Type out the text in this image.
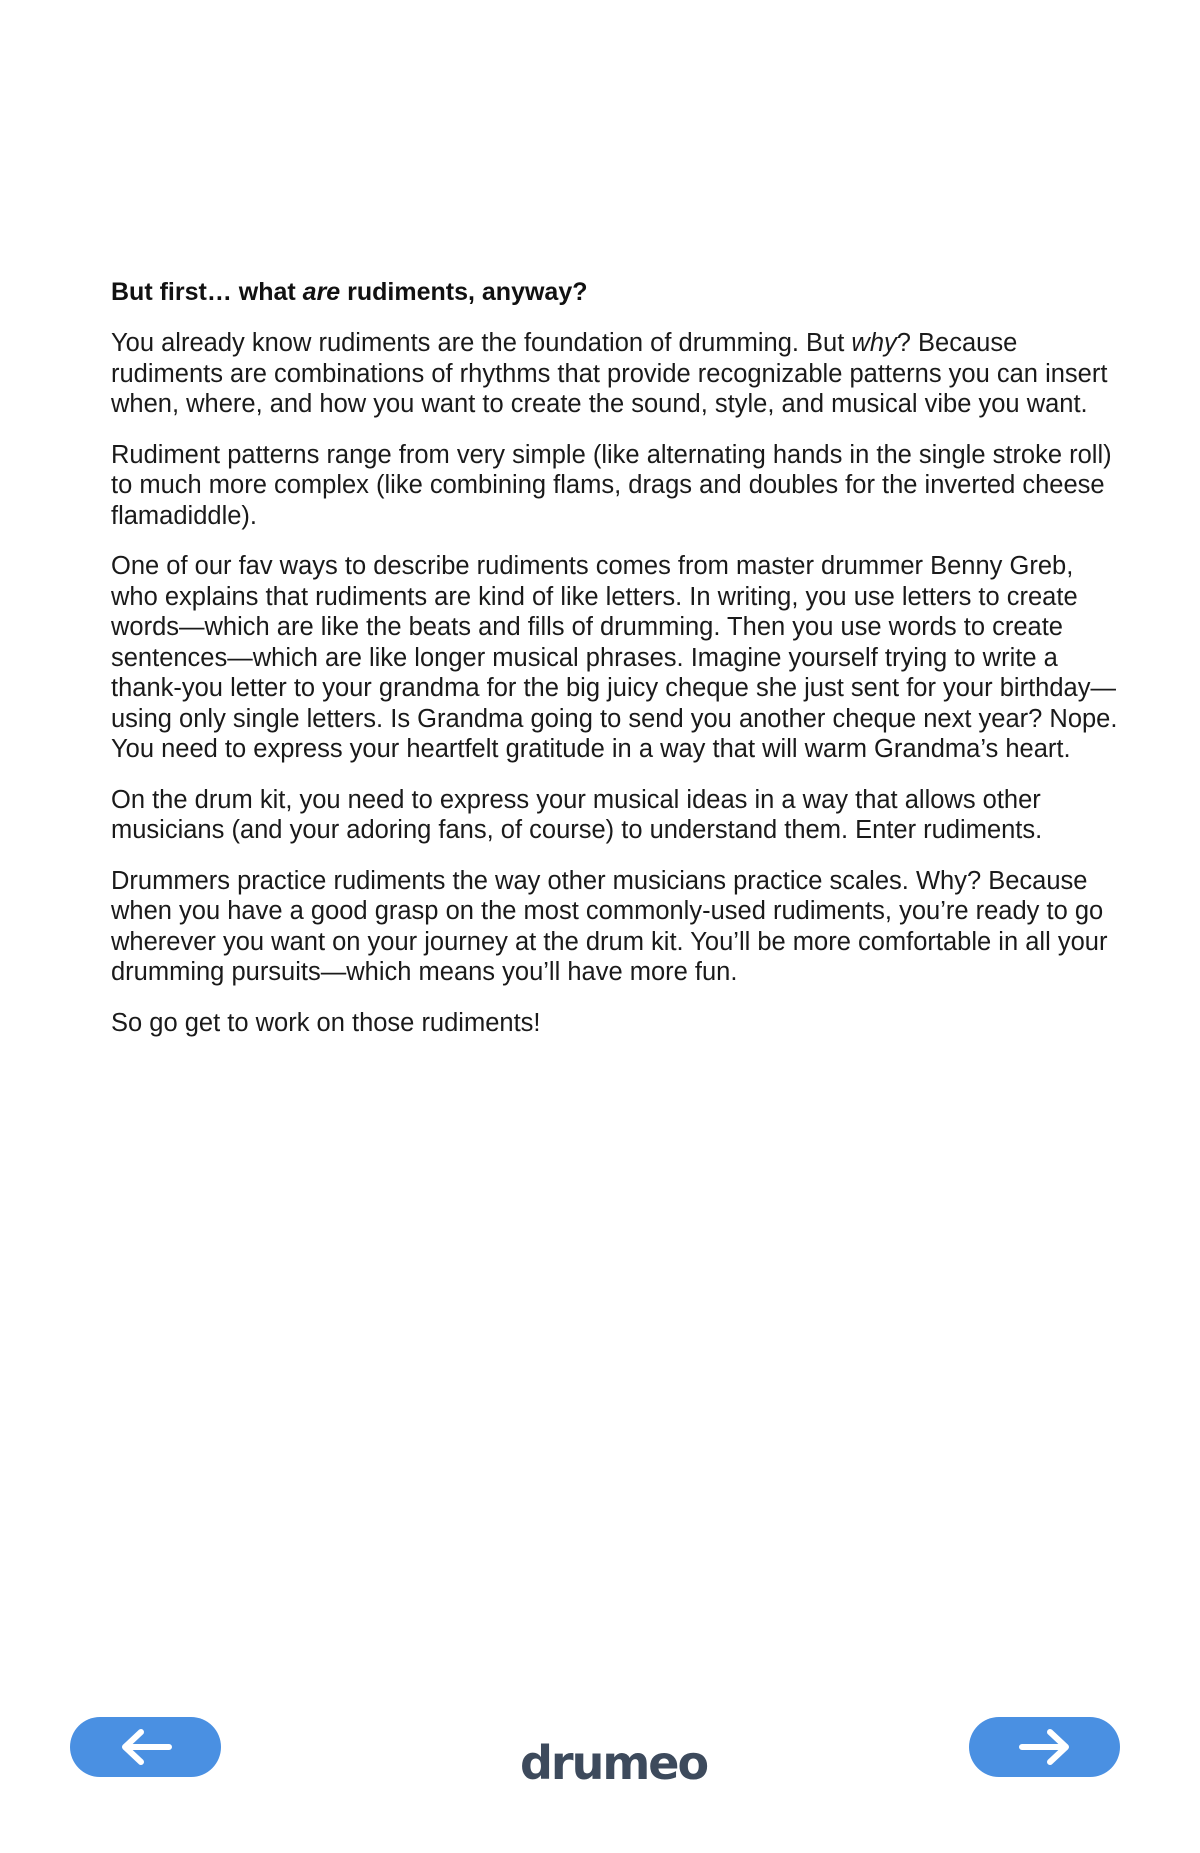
But first… what are rudiments, anyway?

You already know rudiments are the foundation of drumming. But why? Because rudiments are combinations of rhythms that provide recognizable patterns you can insert when, where, and how you want to create the sound, style, and musical vibe you want.

Rudiment patterns range from very simple (like alternating hands in the single stroke roll) to much more complex (like combining flams, drags and doubles for the inverted cheese flamadiddle).

One of our fav ways to describe rudiments comes from master drummer Benny Greb, who explains that rudiments are kind of like letters. In writing, you use letters to create words—which are like the beats and fills of drumming. Then you use words to create sentences—which are like longer musical phrases. Imagine yourself trying to write a thank-you letter to your grandma for the big juicy cheque she just sent for your birthday—using only single letters. Is Grandma going to send you another cheque next year? Nope. You need to express your heartfelt gratitude in a way that will warm Grandma’s heart.

On the drum kit, you need to express your musical ideas in a way that allows other musicians (and your adoring fans, of course) to understand them. Enter rudiments.

Drummers practice rudiments the way other musicians practice scales. Why? Because when you have a good grasp on the most commonly-used rudiments, you’re ready to go wherever you want on your journey at the drum kit. You’ll be more comfortable in all your drumming pursuits—which means you’ll have more fun.

So go get to work on those rudiments!

drumeo
